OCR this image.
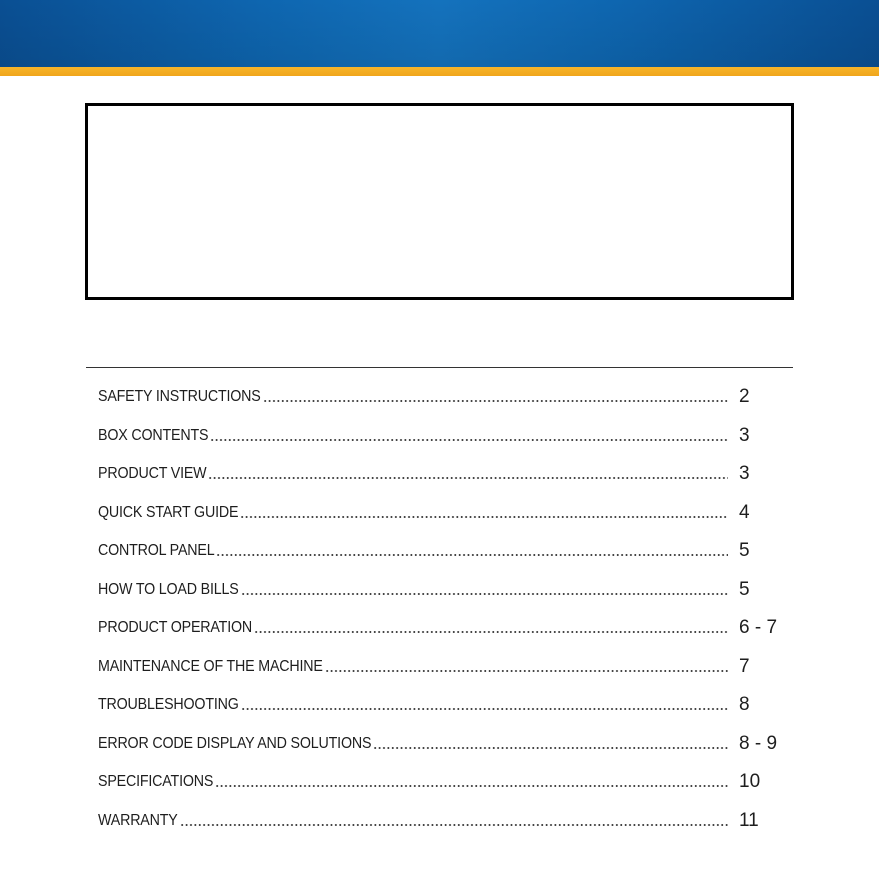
SAFETY INSTRUCTIONS	2
BOX CONTENTS	3
PRODUCT VIEW	3
QUICK START GUIDE	4
CONTROL PANEL	5
HOW TO LOAD BILLS	5
PRODUCT OPERATION	6 - 7
MAINTENANCE OF THE MACHINE	7
TROUBLESHOOTING	8
ERROR CODE DISPLAY AND SOLUTIONS	8 - 9
SPECIFICATIONS	10
WARRANTY	11
